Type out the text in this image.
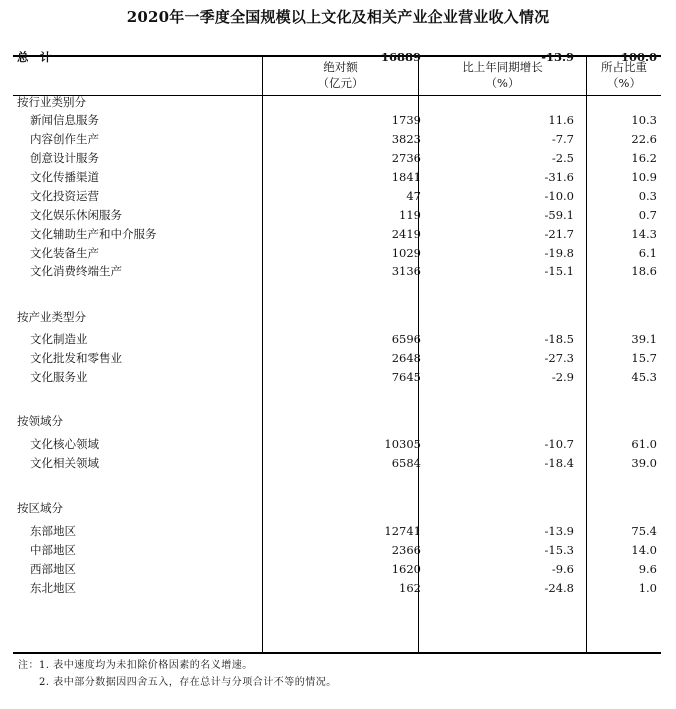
2020年一季度全国规模以上文化及相关产业企业营业收入情况
绝对额
（亿元）
比上年同期增长
（%）
所占比重
（%）
总　计	16889	-13.9	100.0
按行业类别分
新闻信息服务	1739	11.6	10.3
内容创作生产	3823	-7.7	22.6
创意设计服务	2736	-2.5	16.2
文化传播渠道	1841	-31.6	10.9
文化投资运营	47	-10.0	0.3
文化娱乐休闲服务	119	-59.1	0.7
文化辅助生产和中介服务	2419	-21.7	14.3
文化装备生产	1029	-19.8	6.1
文化消费终端生产	3136	-15.1	18.6
按产业类型分
文化制造业	6596	-18.5	39.1
文化批发和零售业	2648	-27.3	15.7
文化服务业	7645	-2.9	45.3
按领域分
文化核心领域	10305	-10.7	61.0
文化相关领域	6584	-18.4	39.0
按区域分
东部地区	12741	-13.9	75.4
中部地区	2366	-15.3	14.0
西部地区	1620	-9.6	9.6
东北地区	162	-24.8	1.0
注：1. 表中速度均为未扣除价格因素的名义增速。
　　2. 表中部分数据因四舍五入，存在总计与分项合计不等的情况。
